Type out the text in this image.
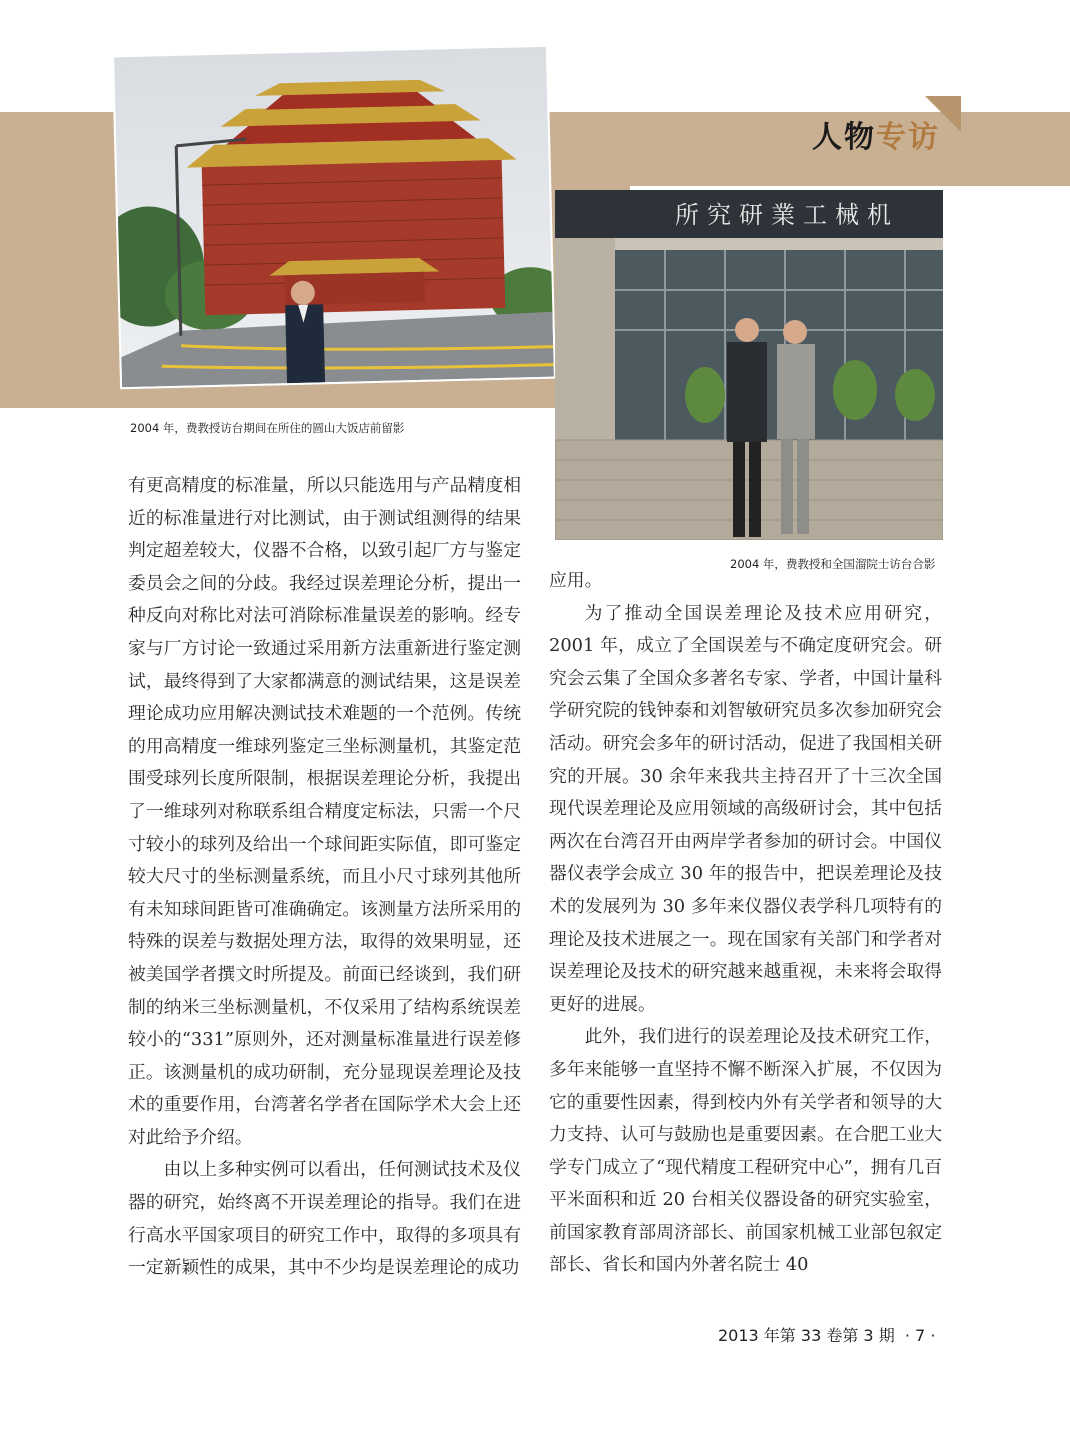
人物专访
2004 年，费教授访台期间在所住的圆山大饭店前留影
所究研業工械机
2004 年，费教授和全国溜院士访台合影

有更高精度的标准量，所以只能选用与产品精度相近的标准量进行对比测试，由于测试组测得的结果判定超差较大，仪器不合格，以致引起厂方与鉴定委员会之间的分歧。我经过误差理论分析，提出一种反向对称比对法可消除标准量误差的影响。经专家与厂方讨论一致通过采用新方法重新进行鉴定测试，最终得到了大家都满意的测试结果，这是误差理论成功应用解决测试技术难题的一个范例。传统的用高精度一维球列鉴定三坐标测量机，其鉴定范围受球列长度所限制，根据误差理论分析，我提出了一维球列对称联系组合精度定标法，只需一个尺寸较小的球列及给出一个球间距实际值，即可鉴定较大尺寸的坐标测量系统，而且小尺寸球列其他所有未知球间距皆可准确确定。该测量方法所采用的特殊的误差与数据处理方法，取得的效果明显，还被美国学者撰文时所提及。前面已经谈到，我们研制的纳米三坐标测量机，不仅采用了结构系统误差较小的“331”原则外，还对测量标准量进行误差修正。该测量机的成功研制，充分显现误差理论及技术的重要作用，台湾著名学者在国际学术大会上还对此给予介绍。

由以上多种实例可以看出，任何测试技术及仪器的研究，始终离不开误差理论的指导。我们在进行高水平国家项目的研究工作中，取得的多项具有一定新颖性的成果，其中不少均是误差理论的成功

应用。

为了推动全国误差理论及技术应用研究，2001 年，成立了全国误差与不确定度研究会。研究会云集了全国众多著名专家、学者，中国计量科学研究院的钱钟泰和刘智敏研究员多次参加研究会活动。研究会多年的研讨活动，促进了我国相关研究的开展。30 余年来我共主持召开了十三次全国现代误差理论及应用领域的高级研讨会，其中包括两次在台湾召开由两岸学者参加的研讨会。中国仪器仪表学会成立 30 年的报告中，把误差理论及技术的发展列为 30 多年来仪器仪表学科几项特有的理论及技术进展之一。现在国家有关部门和学者对误差理论及技术的研究越来越重视，未来将会取得更好的进展。

此外，我们进行的误差理论及技术研究工作，多年来能够一直坚持不懈不断深入扩展，不仅因为它的重要性因素，得到校内外有关学者和领导的大力支持、认可与鼓励也是重要因素。在合肥工业大学专门成立了“现代精度工程研究中心”，拥有几百平米面积和近 20 台相关仪器设备的研究实验室，前国家教育部周济部长、前国家机械工业部包叙定部长、省长和国内外著名院士 40

2013 年第 33 卷第 3 期 · 7 ·
